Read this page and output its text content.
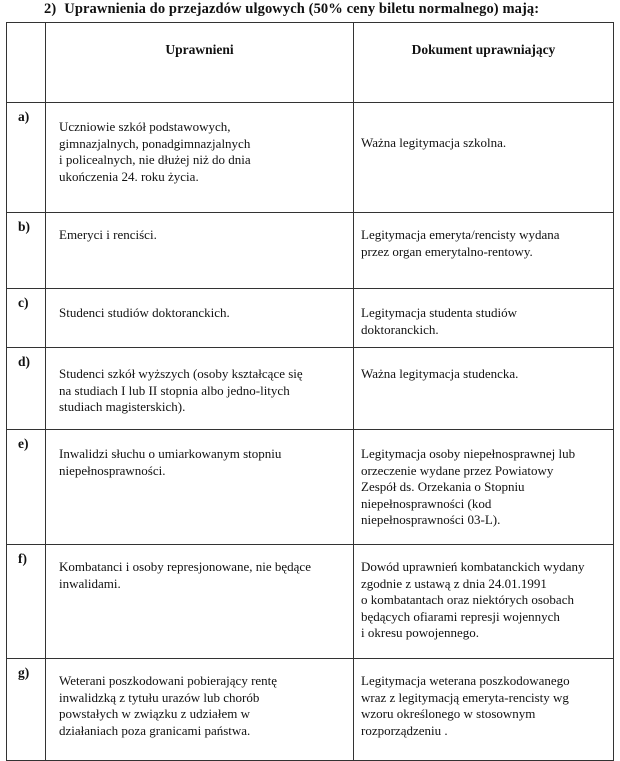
2) Uprawnienia do przejazdów ulgowych (50% ceny biletu normalnego) mają:
	Uprawnieni	Dokument uprawniający

a)	Uczniowie szkół podstawowych,
gimnazjalnych, ponadgimnazjalnych
i policealnych, nie dłużej niż do dnia
ukończenia 24. roku życia.	Ważna legitymacja szkolna.

b)	Emeryci i renciści.	Legitymacja emeryta/rencisty wydana
przez organ emerytalno-rentowy.

c)	Studenci studiów doktoranckich.	Legitymacja studenta studiów
doktoranckich.

d)	Studenci szkół wyższych (osoby kształcące się
na studiach I lub II stopnia albo jedno-litych
studiach magisterskich).	Ważna legitymacja studencka.

e)	Inwalidzi słuchu o umiarkowanym stopniu
niepełnosprawności.	Legitymacja osoby niepełnosprawnej lub
orzeczenie wydane przez Powiatowy
Zespół ds. Orzekania o Stopniu
niepełnosprawności (kod
niepełnosprawności 03-L).

f)	Kombatanci i osoby represjonowane, nie będące
inwalidami.	Dowód uprawnień kombatanckich wydany
zgodnie z ustawą z dnia 24.01.1991
o kombatantach oraz niektórych osobach
będących ofiarami represji wojennych
i okresu powojennego.

g)	Weterani poszkodowani pobierający rentę
inwalidzką z tytułu urazów lub chorób
powstałych w związku z udziałem w
działaniach poza granicami państwa.	Legitymacja weterana poszkodowanego
wraz z legitymacją emeryta-rencisty wg
wzoru określonego w stosownym
rozporządzeniu .
